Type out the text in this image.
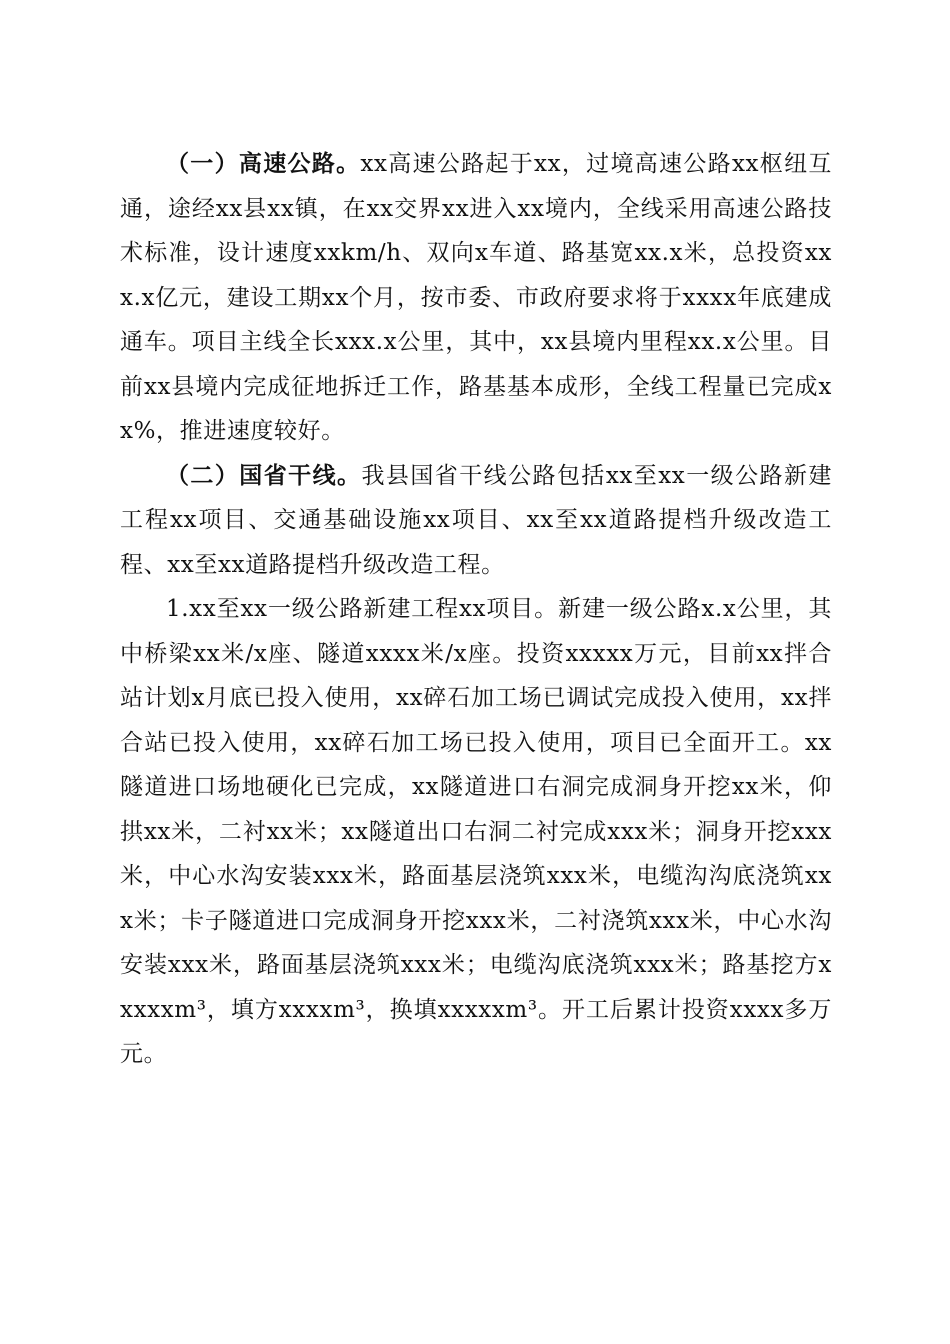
（一）高速公路。xx高速公路起于xx，过境高速公路xx枢纽互通，途经xx县xx镇，在xx交界xx进入xx境内，全线采用高速公路技术标准，设计速度xxkm/h、双向x车道、路基宽xx.x米，总投资xxx.x亿元，建设工期xx个月，按市委、市政府要求将于xxxx年底建成通车。项目主线全长xxx.x公里，其中，xx县境内里程xx.x公里。目前xx县境内完成征地拆迁工作，路基基本成形，全线工程量已完成xx%，推进速度较好。

（二）国省干线。我县国省干线公路包括xx至xx一级公路新建工程xx项目、交通基础设施xx项目、xx至xx道路提档升级改造工程、xx至xx道路提档升级改造工程。

1.xx至xx一级公路新建工程xx项目。新建一级公路x.x公里，其中桥梁xx米/x座、隧道xxxx米/x座。投资xxxxx万元，目前xx拌合站计划x月底已投入使用，xx碎石加工场已调试完成投入使用，xx拌合站已投入使用，xx碎石加工场已投入使用，项目已全面开工。xx隧道进口场地硬化已完成，xx隧道进口右洞完成洞身开挖xx米，仰拱xx米，二衬xx米；xx隧道出口右洞二衬完成xxx米；洞身开挖xxx米，中心水沟安装xxx米，路面基层浇筑xxx米，电缆沟沟底浇筑xxx米；卡子隧道进口完成洞身开挖xxx米，二衬浇筑xxx米，中心水沟安装xxx米，路面基层浇筑xxx米；电缆沟底浇筑xxx米；路基挖方xxxxxm³，填方xxxxm³，换填xxxxxm³。开工后累计投资xxxx多万元。
